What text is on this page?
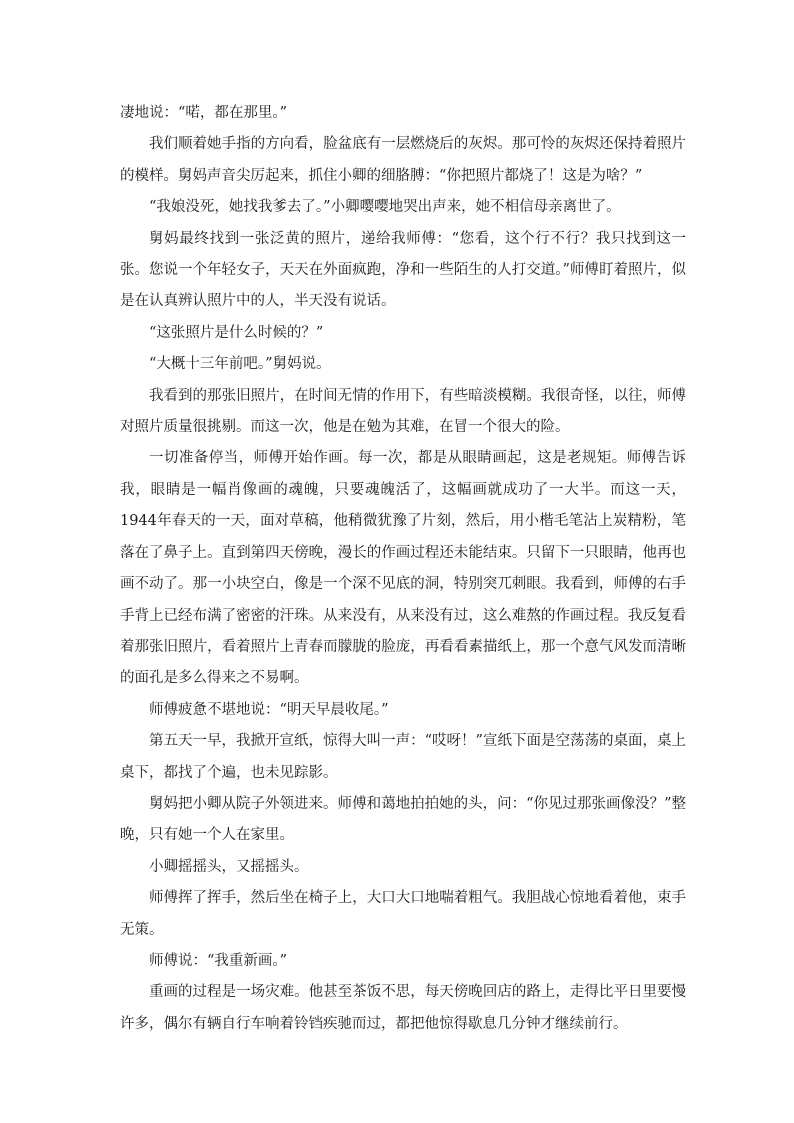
凄地说：“喏，都在那里。”

我们顺着她手指的方向看，脸盆底有一层燃烧后的灰烬。那可怜的灰烬还保持着照片的模样。舅妈声音尖厉起来，抓住小卿的细胳膊：“你把照片都烧了！这是为啥？”

“我娘没死，她找我爹去了。”小卿嘤嘤地哭出声来，她不相信母亲离世了。

舅妈最终找到一张泛黄的照片，递给我师傅：“您看，这个行不行？我只找到这一张。您说一个年轻女子，天天在外面疯跑，净和一些陌生的人打交道。”师傅盯着照片，似是在认真辨认照片中的人，半天没有说话。

“这张照片是什么时候的？”

“大概十三年前吧。”舅妈说。

我看到的那张旧照片，在时间无情的作用下，有些暗淡模糊。我很奇怪，以往，师傅对照片质量很挑剔。而这一次，他是在勉为其难，在冒一个很大的险。

一切准备停当，师傅开始作画。每一次，都是从眼睛画起，这是老规矩。师傅告诉我，眼睛是一幅肖像画的魂魄，只要魂魄活了，这幅画就成功了一大半。而这一天，1944年春天的一天，面对草稿，他稍微犹豫了片刻，然后，用小楷毛笔沾上炭精粉，笔落在了鼻子上。直到第四天傍晚，漫长的作画过程还未能结束。只留下一只眼睛，他再也画不动了。那一小块空白，像是一个深不见底的洞，特别突兀刺眼。我看到，师傅的右手手背上已经布满了密密的汗珠。从来没有，从来没有过，这么难熬的作画过程。我反复看着那张旧照片，看着照片上青春而朦胧的脸庞，再看看素描纸上，那一个意气风发而清晰的面孔是多么得来之不易啊。

师傅疲惫不堪地说：“明天早晨收尾。”

第五天一早，我掀开宣纸，惊得大叫一声：“哎呀！”宣纸下面是空荡荡的桌面，桌上桌下，都找了个遍，也未见踪影。

舅妈把小卿从院子外领进来。师傅和蔼地拍拍她的头，问：“你见过那张画像没？”整晚，只有她一个人在家里。

小卿摇摇头，又摇摇头。

师傅挥了挥手，然后坐在椅子上，大口大口地喘着粗气。我胆战心惊地看着他，束手无策。

师傅说：“我重新画。”

重画的过程是一场灾难。他甚至茶饭不思，每天傍晚回店的路上，走得比平日里要慢许多，偶尔有辆自行车响着铃铛疾驰而过，都把他惊得歇息几分钟才继续前行。
